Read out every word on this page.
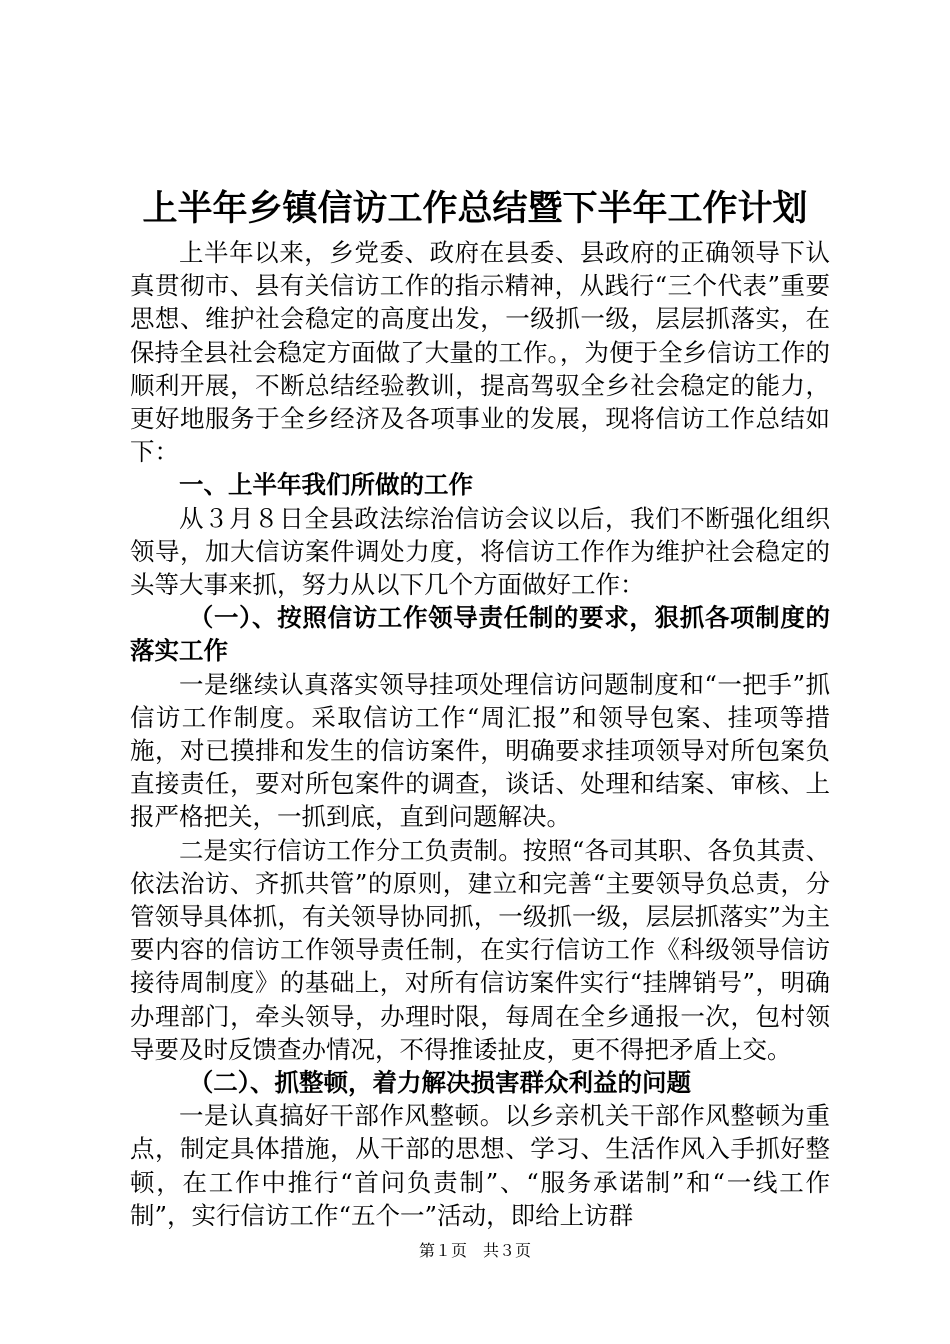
上半年乡镇信访工作总结暨下半年工作计划

上半年以来，乡党委、政府在县委、县政府的正确领导下认真贯彻市、县有关信访工作的指示精神，从践行“三个代表”重要思想、维护社会稳定的高度出发，一级抓一级，层层抓落实，在保持全县社会稳定方面做了大量的工作。，为便于全乡信访工作的顺利开展，不断总结经验教训，提高驾驭全乡社会稳定的能力，更好地服务于全乡经济及各项事业的发展，现将信访工作总结如下：

一、上半年我们所做的工作

从３月８日全县政法综治信访会议以后，我们不断强化组织领导，加大信访案件调处力度，将信访工作作为维护社会稳定的头等大事来抓，努力从以下几个方面做好工作：

（一）、按照信访工作领导责任制的要求，狠抓各项制度的落实工作

一是继续认真落实领导挂项处理信访问题制度和“一把手”抓信访工作制度。采取信访工作“周汇报”和领导包案、挂项等措施，对已摸排和发生的信访案件，明确要求挂项领导对所包案负直接责任，要对所包案件的调查，谈话、处理和结案、审核、上报严格把关，一抓到底，直到问题解决。

二是实行信访工作分工负责制。按照“各司其职、各负其责、依法治访、齐抓共管”的原则，建立和完善“主要领导负总责，分管领导具体抓，有关领导协同抓，一级抓一级，层层抓落实”为主要内容的信访工作领导责任制，在实行信访工作《科级领导信访接待周制度》的基础上，对所有信访案件实行“挂牌销号”，明确办理部门，牵头领导，办理时限，每周在全乡通报一次，包村领导要及时反馈查办情况，不得推诿扯皮，更不得把矛盾上交。

（二）、抓整顿，着力解决损害群众利益的问题

一是认真搞好干部作风整顿。以乡亲机关干部作风整顿为重点，制定具体措施，从干部的思想、学习、生活作风入手抓好整顿，在工作中推行“首问负责制”、“服务承诺制”和“一线工作制”，实行信访工作“五个一”活动，即给上访群

第１页　共３页
